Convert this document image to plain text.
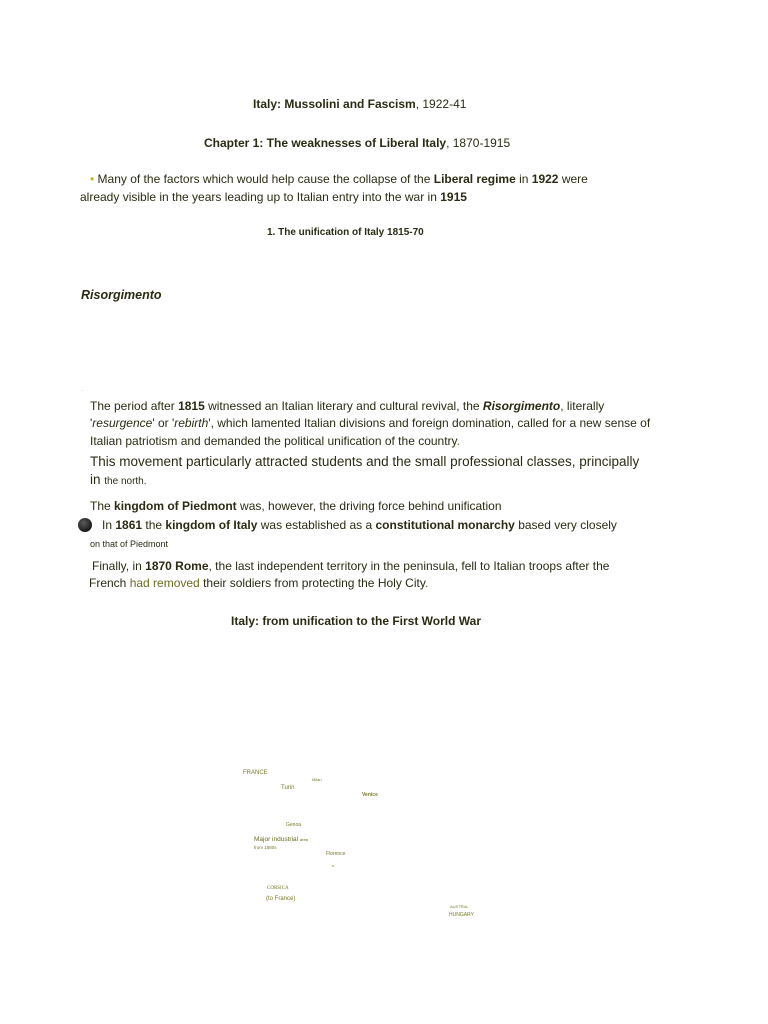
Italy: Mussolini and Fascism, 1922-41
Chapter 1: The weaknesses of Liberal Italy, 1870-1915
• Many of the factors which would help cause the collapse of the Liberal regime in 1922 were
already visible in the years leading up to Italian entry into the war in 1915
1. The unification of Italy 1815-70
Risorgimento
·
The period after 1815 witnessed an Italian literary and cultural revival, the Risorgimento, literally
'resurgence' or 'rebirth', which lamented Italian divisions and foreign domination, called for a new sense of
Italian patriotism and demanded the political unification of the country.
This movement particularly attracted students and the small professional classes, principally
in the north.
The kingdom of Piedmont was, however, the driving force behind unification
In 1861 the kingdom of Italy was established as a constitutional monarchy based very closely
on that of Piedmont
Finally, in 1870 Rome, the last independent territory in the peninsula, fell to Italian troops after the
French had removed their soldiers from protecting the Holy City.
Italy: from unification to the First World War
FRANCE
Milan
Turin
Venice
Genoa
Major industrial area
from 1880s
Florence
s
CORSICA
(to France)
AUSTRIA-
HUNGARY
